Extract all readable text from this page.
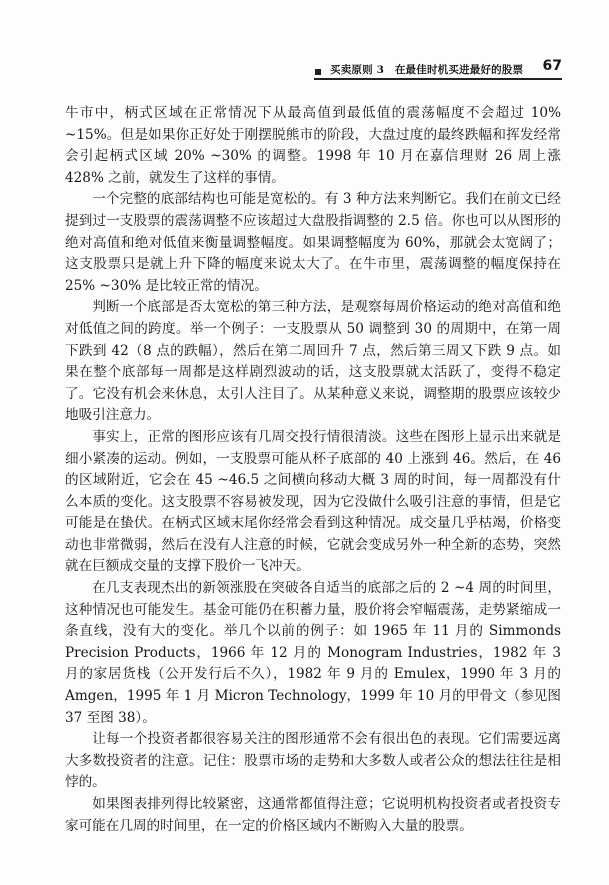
买卖原则 3　在最佳时机买进最好的股票 67

牛市中，柄式区域在正常情况下从最高值到最低值的震荡幅度不会超过 10% ~15%。但是如果你正好处于刚摆脱熊市的阶段，大盘过度的最终跌幅和挥发经常会引起柄式区域 20% ~30% 的调整。1998 年 10 月在嘉信理财 26 周上涨 428% 之前，就发生了这样的事情。

一个完整的底部结构也可能是宽松的。有 3 种方法来判断它。我们在前文已经提到过一支股票的震荡调整不应该超过大盘股指调整的 2.5 倍。你也可以从图形的绝对高值和绝对低值来衡量调整幅度。如果调整幅度为 60%，那就会太宽阔了；这支股票只是就上升下降的幅度来说太大了。在牛市里，震荡调整的幅度保持在 25% ~30% 是比较正常的情况。

判断一个底部是否太宽松的第三种方法，是观察每周价格运动的绝对高值和绝对低值之间的跨度。举一个例子：一支股票从 50 调整到 30 的周期中，在第一周下跌到 42（8 点的跌幅），然后在第二周回升 7 点，然后第三周又下跌 9 点。如果在整个底部每一周都是这样剧烈波动的话，这支股票就太活跃了，变得不稳定了。它没有机会来休息，太引人注目了。从某种意义来说，调整期的股票应该较少地吸引注意力。

事实上，正常的图形应该有几周交投行情很清淡。这些在图形上显示出来就是细小紧凑的运动。例如，一支股票可能从杯子底部的 40 上涨到 46。然后，在 46 的区域附近，它会在 45 ~46.5 之间横向移动大概 3 周的时间，每一周都没有什么本质的变化。这支股票不容易被发现，因为它没做什么吸引注意的事情，但是它可能是在蛰伏。在柄式区域末尾你经常会看到这种情况。成交量几乎枯竭，价格变动也非常微弱，然后在没有人注意的时候，它就会变成另外一种全新的态势，突然就在巨额成交量的支撑下股价一飞冲天。

在几支表现杰出的新领涨股在突破各自适当的底部之后的 2 ~4 周的时间里，这种情况也可能发生。基金可能仍在积蓄力量，股价将会窄幅震荡，走势紧缩成一条直线，没有大的变化。举几个以前的例子：如 1965 年 11 月的 Simmonds Precision Products，1966 年 12 月的 Monogram Industries，1982 年 3 月的家居货栈（公开发行后不久），1982 年 9 月的 Emulex，1990 年 3 月的 Amgen，1995 年 1 月 Micron Technology，1999 年 10 月的甲骨文（参见图 37 至图 38）。

让每一个投资者都很容易关注的图形通常不会有很出色的表现。它们需要远离大多数投资者的注意。记住：股票市场的走势和大多数人或者公众的想法往往是相悖的。

如果图表排列得比较紧密，这通常都值得注意；它说明机构投资者或者投资专家可能在几周的时间里，在一定的价格区域内不断购入大量的股票。
